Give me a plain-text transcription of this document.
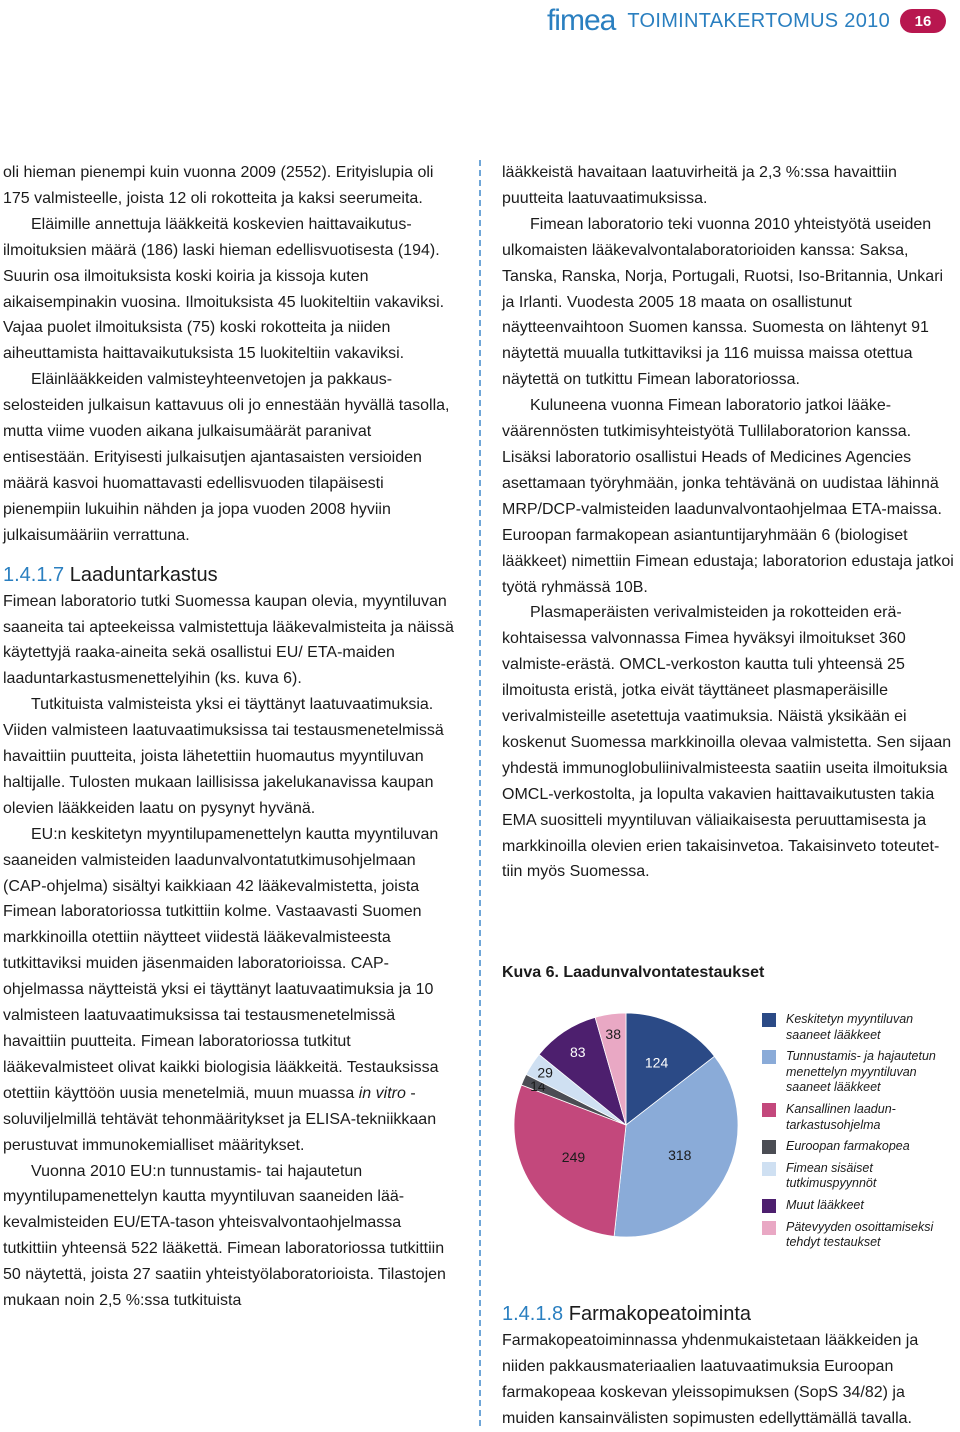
fimea TOIMINTAKERTOMUS 2010	16

oli hieman pienempi kuin vuonna 2009 (2552). Erityislupia oli 175 valmisteelle, joista 12 oli rokotteita ja kaksi seerumeita.

Eläimille annettuja lääkkeitä koskevien haittavaikutusilmoituksien määrä (186) laski hieman edellisvuotisesta (194). Suurin osa ilmoituksista koski koiria ja kissoja kuten aikaisempinakin vuosina. Ilmoituksista 45 luokiteltiin vakaviksi. Vajaa puolet ilmoituksista (75) koski rokotteita ja niiden aiheuttamista haittavaikutuksista 15 luokiteltiin vakaviksi.

Eläinlääkkeiden valmisteyhteenvetojen ja pakkausselosteiden julkaisun kattavuus oli jo ennestään hyvällä tasolla, mutta viime vuoden aikana julkaisumäärät paranivat entisestään. Erityisesti julkaisutjen ajantasaisten versioiden määrä kasvoi huomattavasti edellisvuoden tilapäisesti pienempiin lukuihin nähden ja jopa vuoden 2008 hyviin julkaisumääriin verrattuna.

1.4.1.7 Laaduntarkastus

Fimean laboratorio tutki Suomessa kaupan olevia, myyntiluvan saaneita tai apteekeissa valmistettuja lääkevalmisteita ja näissä käytettyjä raaka-aineita sekä osallistui EU/ ETA-maiden laaduntarkastusmenettelyihin (ks. kuva 6).

Tutkituista valmisteista yksi ei täyttänyt laatuvaatimuksia. Viiden valmisteen laatuvaatimuksissa tai testausmenetelmissä havaittiin puutteita, joista lähetettiin huomautus myyntiluvan haltijalle. Tulosten mukaan laillisissa jakelukanavissa kaupan olevien lääkkeiden laatu on pysynyt hyvänä.

EU:n keskitetyn myyntilupamenettelyn kautta myyntiluvan saaneiden valmisteiden laadunvalvontatutkimusohjelmaan (CAP-ohjelma) sisältyi kaikkiaan 42 lääkevalmistetta, joista Fimean laboratoriossa tutkittiin kolme. Vastaavasti Suomen markkinoilla otettiin näytteet viidestä lääkevalmisteesta tutkittaviksi muiden jäsenmaiden laboratorioissa. CAP-ohjelmassa näytteistä yksi ei täyttänyt laatuvaatimuksia ja 10 valmisteen laatuvaatimuksissa tai testausmenetelmissä havaittiin puutteita. Fimean laboratoriossa tutkitut lääkevalmisteet olivat kaikki biologisia lääkkeitä. Testauksissa otettiin käyttöön uusia menetelmiä, muun muassa in vitro -soluviljelmillä tehtävät tehonmääritykset ja ELISA-tekniikkaan perustuvat immunokemialliset määritykset.

Vuonna 2010 EU:n tunnustamis- tai hajautetun myyntilupamenettelyn kautta myyntiluvan saaneiden lääkevalmisteiden EU/ETA-tason yhteisvalvontaohjelmassa tutkittiin yhteensä 522 lääkettä. Fimean laboratoriossa tutkittiin 50 näytettä, joista 27 saatiin yhteistyölaboratorioista. Tilastojen mukaan noin 2,5 %:ssa tutkituista

lääkkeistä havaitaan laatuvirheitä ja 2,3 %:ssa havaittiin puutteita laatuvaatimuksissa.

Fimean laboratorio teki vuonna 2010 yhteistyötä useiden ulkomaisten lääkevalvontalaboratorioiden kanssa: Saksa, Tanska, Ranska, Norja, Portugali, Ruotsi, Iso-Britannia, Unkari ja Irlanti. Vuodesta 2005 18 maata on osallistunut näytteenvaihtoon Suomen kanssa. Suomesta on lähtenyt 91 näytettä muualla tutkittaviksi ja 116 muissa maissa otettua näytettä on tutkittu Fimean laboratoriossa.

Kuluneena vuonna Fimean laboratorio jatkoi lääkeväärennösten tutkimisyhteistyötä Tullilaboratorion kanssa. Lisäksi laboratorio osallistui Heads of Medicines Agencies asettamaan työryhmään, jonka tehtävänä on uudistaa lähinnä MRP/DCP-valmisteiden laadunvalvontaohjelmaa ETA-maissa. Euroopan farmakopean asiantuntijaryhmään 6 (biologiset lääkkeet) nimettiin Fimean edustaja; laboratorion edustaja jatkoi työtä ryhmässä 10B.

Plasmaperäisten verivalmisteiden ja rokotteiden eräkohtaisessa valvonnassa Fimea hyväksyi ilmoitukset 360 valmiste-erästä. OMCL-verkoston kautta tuli yhteensä 25 ilmoitusta eristä, jotka eivät täyttäneet plasmaperäisille verivalmisteille asetettuja vaatimuksia. Näistä yksikään ei koskenut Suomessa markkinoilla olevaa valmistetta. Sen sijaan yhdestä immunoglobuliinivalmisteesta saatiin useita ilmoituksia OMCL-verkostolta, ja lopulta vakavien haittavaikutusten takia EMA suositteli myyntiluvan väliaikaisesta peruuttamisesta ja markkinoilla olevien erien takaisinvetoa. Takaisinveto toteutettiin myös Suomessa.

Kuva 6. Laadunvalvontatestaukset
124
318
249
14
29
83
38
Keskitetyn myyntiluvan saaneet lääkkeet
Tunnustamis- ja hajautetun menettelyn myyntiluvan saaneet lääkkeet
Kansallinen laaduntarkastusohjelma
Euroopan farmakopea
Fimean sisäiset tutkimuspyynnöt
Muut lääkkeet
Pätevyyden osoittamiseksi tehdyt testaukset
1.4.1.8 Farmakopeatoiminta

Farmakopeatoiminnassa yhdenmukaistetaan lääkkeiden ja niiden pakkausmateriaalien laatuvaatimuksia Euroopan farmakopeaa koskevan yleissopimuksen (SopS 34/82) ja muiden kansainvälisten sopimusten edellyttämällä tavalla.
